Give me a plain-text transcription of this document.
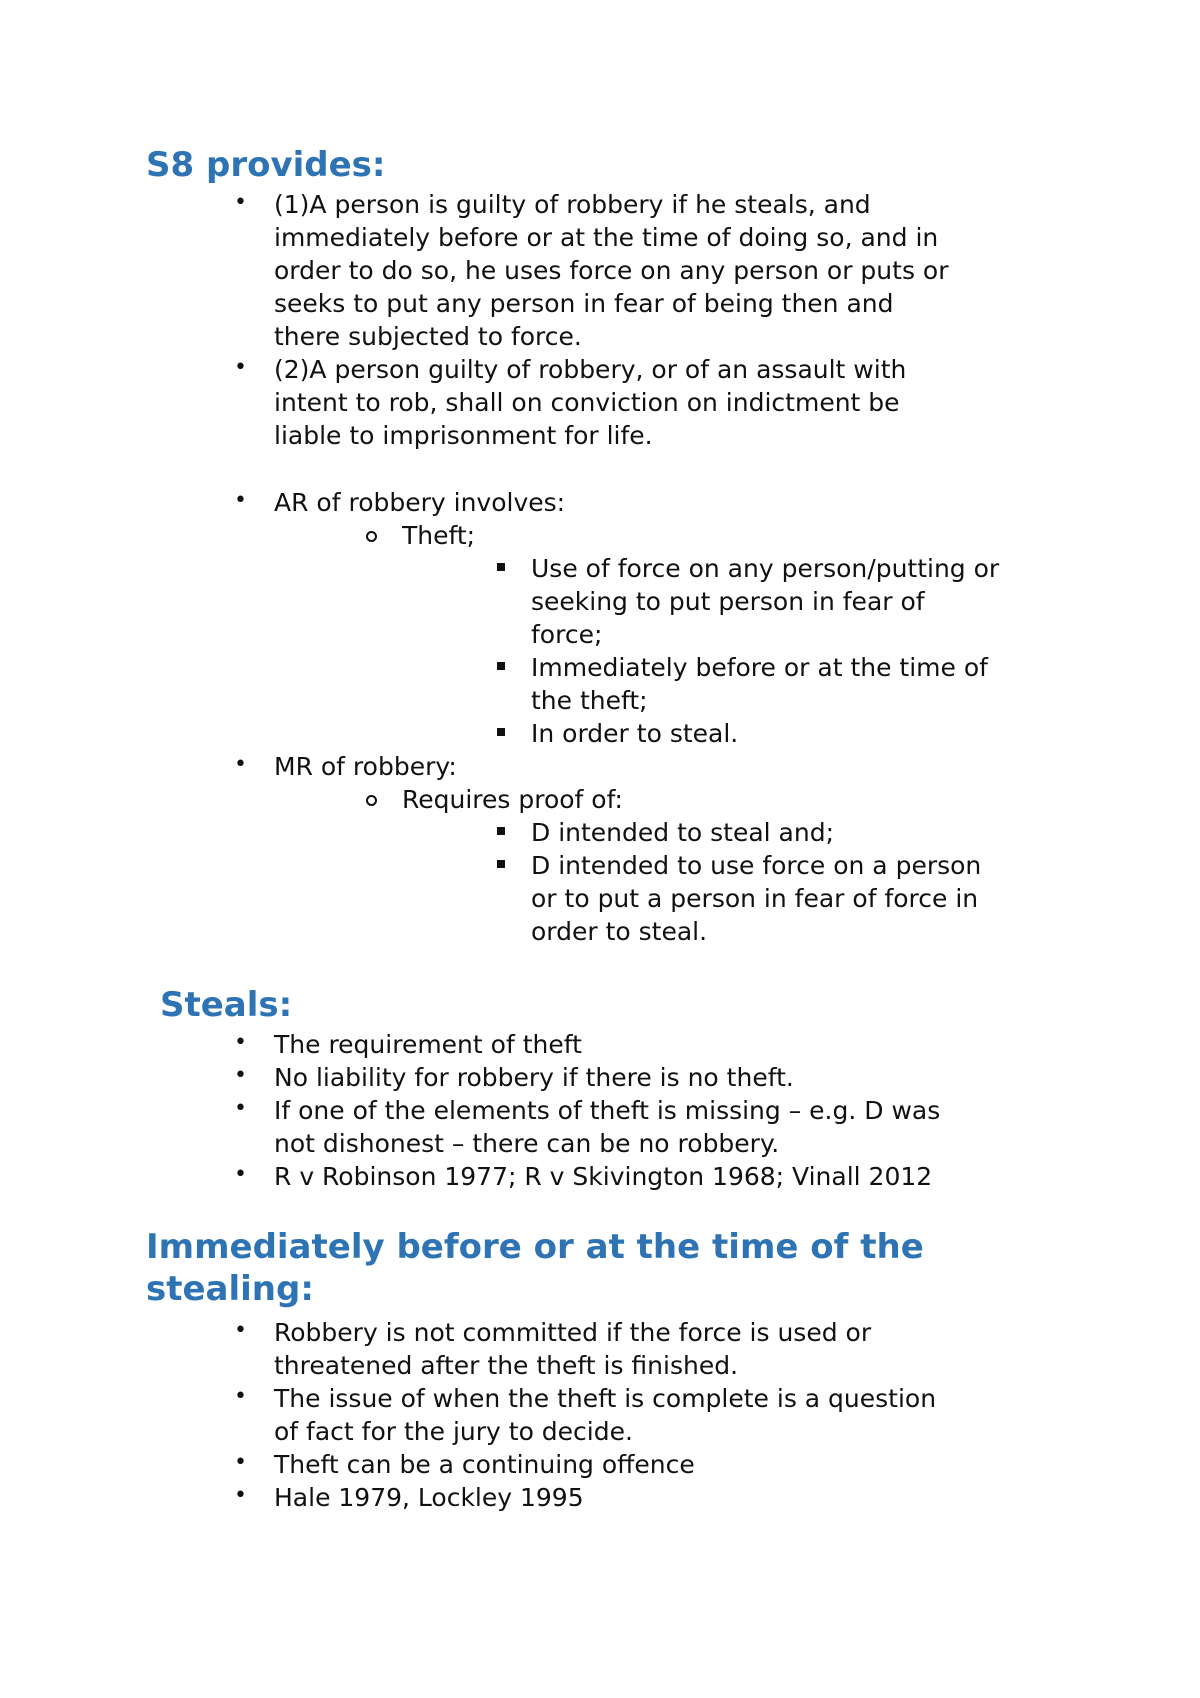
S8 provides:
• (1)A person is guilty of robbery if he steals, and

immediately before or at the time of doing so, and in

order to do so, he uses force on any person or puts or

seeks to put any person in fear of being then and

there subjected to force.

• (2)A person guilty of robbery, or of an assault with

intent to rob, shall on conviction on indictment be

liable to imprisonment for life.

• AR of robbery involves:

Theft;

Use of force on any person/putting or

seeking to put person in fear of

force;

Immediately before or at the time of

the theft;

In order to steal.

• MR of robbery:

Requires proof of:

D intended to steal and;

D intended to use force on a person

or to put a person in fear of force in

order to steal.

Steals:
• The requirement of theft

• No liability for robbery if there is no theft.

• If one of the elements of theft is missing – e.g. D was

not dishonest – there can be no robbery.

• R v Robinson 1977; R v Skivington 1968; Vinall 2012

Immediately before or at the time of the
stealing:
• Robbery is not committed if the force is used or

threatened after the theft is finished.

• The issue of when the theft is complete is a question

of fact for the jury to decide.

• Theft can be a continuing offence

• Hale 1979, Lockley 1995
